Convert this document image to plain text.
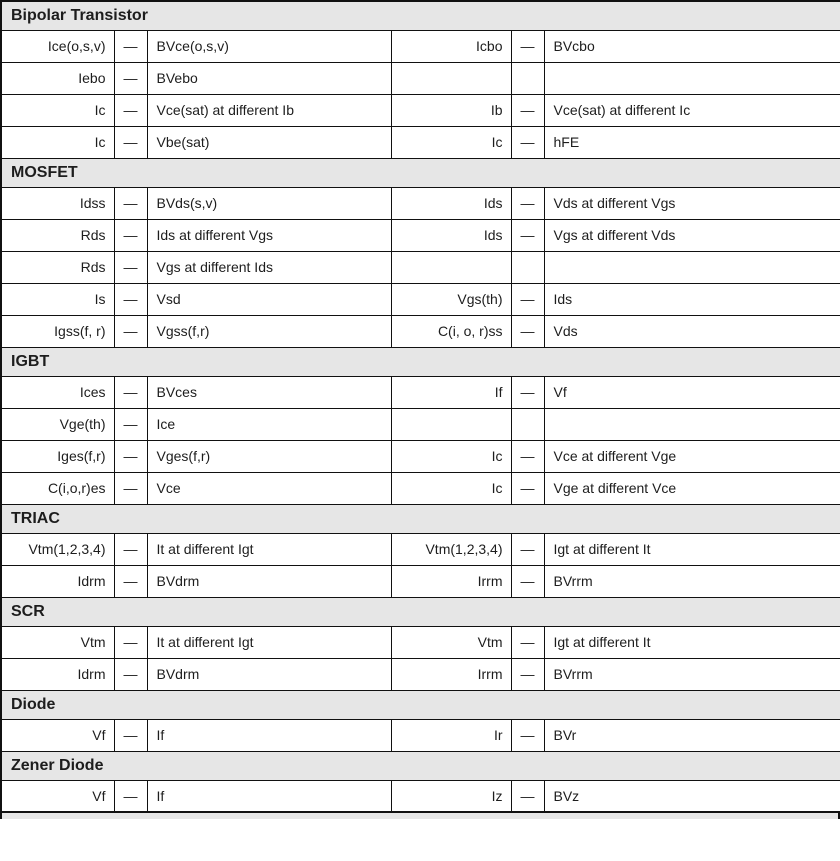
Bipolar Transistor					
Ice(o,s,v)	—	BVce(o,s,v)	Icbo	—	BVcbo
Iebo	—	BVebo			
Ic	—	Vce(sat) at different Ib	Ib	—	Vce(sat) at different Ic
Ic	—	Vbe(sat)	Ic	—	hFE
MOSFET					
Idss	—	BVds(s,v)	Ids	—	Vds at different Vgs
Rds	—	Ids at different Vgs	Ids	—	Vgs at different Vds
Rds	—	Vgs at different Ids			
Is	—	Vsd	Vgs(th)	—	Ids
Igss(f, r)	—	Vgss(f,r)	C(i, o, r)ss	—	Vds
IGBT					
Ices	—	BVces	If	—	Vf
Vge(th)	—	Ice			
Iges(f,r)	—	Vges(f,r)	Ic	—	Vce at different Vge
C(i,o,r)es	—	Vce	Ic	—	Vge at different Vce
TRIAC					
Vtm(1,2,3,4)	—	It at different Igt	Vtm(1,2,3,4)	—	Igt at different It
Idrm	—	BVdrm	Irrm	—	BVrrm
SCR					
Vtm	—	It at different Igt	Vtm	—	Igt at different It
Idrm	—	BVdrm	Irrm	—	BVrrm
Diode					
Vf	—	If	Ir	—	BVr
Zener Diode					
Vf	—	If	Iz	—	BVz
